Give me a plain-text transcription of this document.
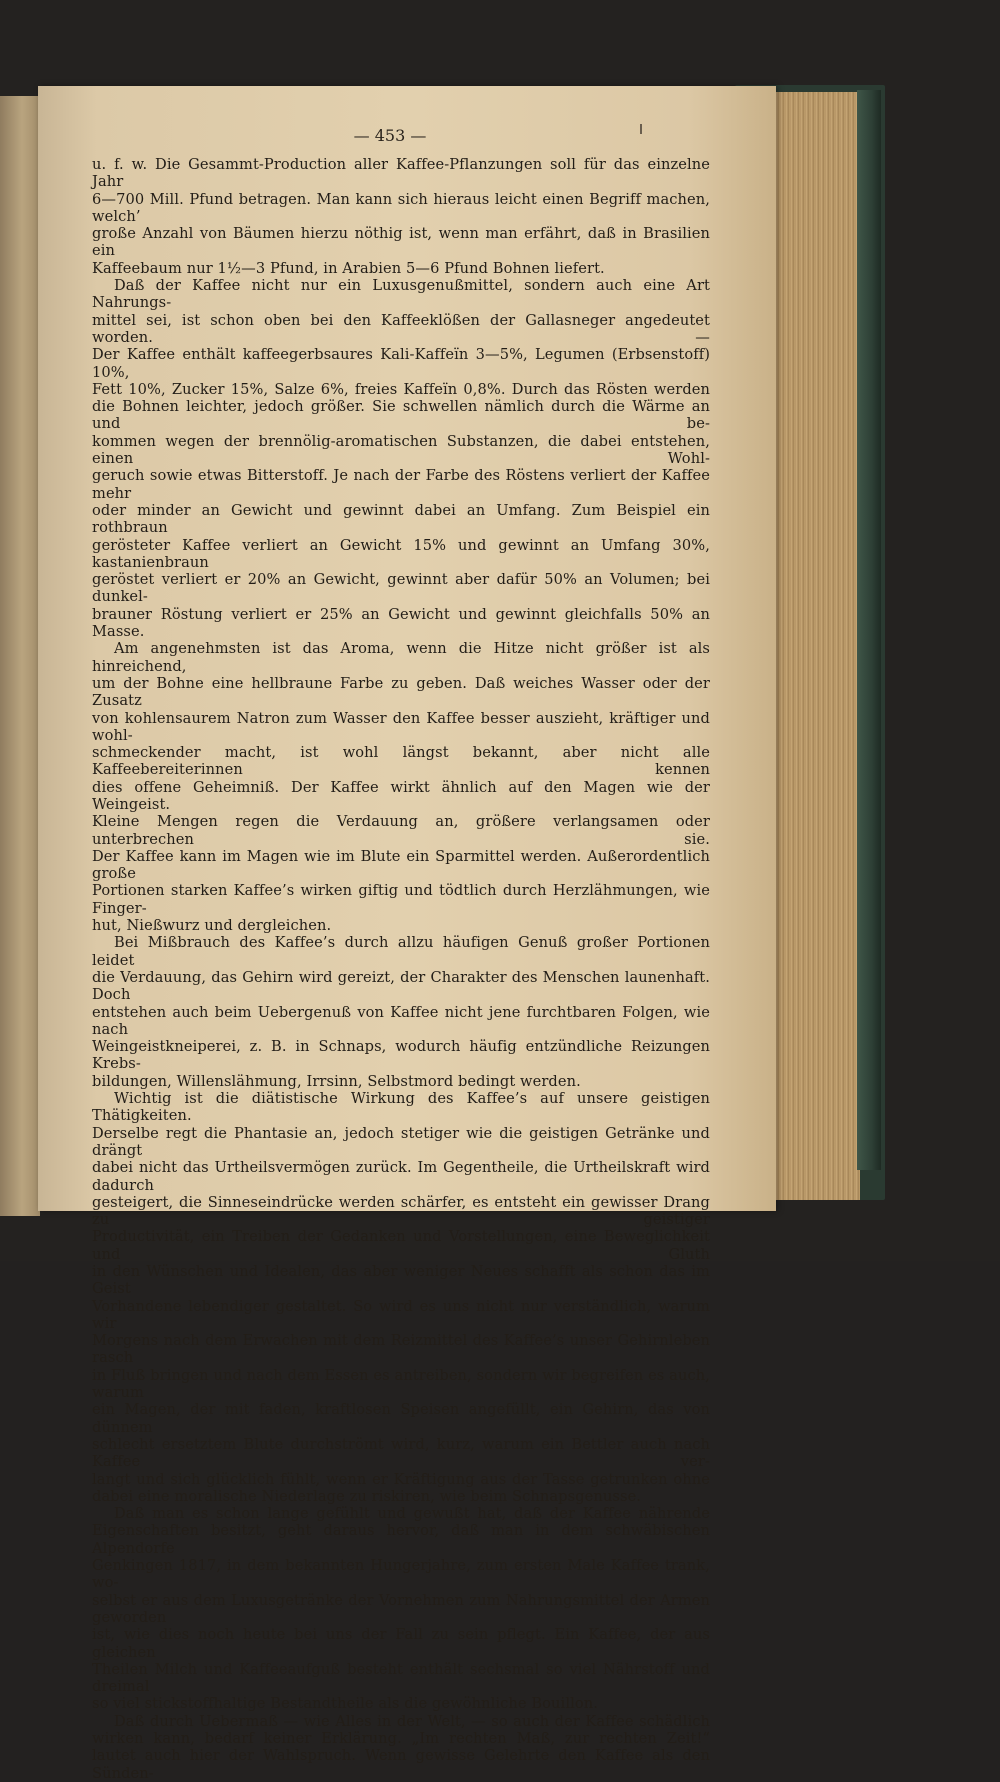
— 453 —
u. f. w. Die Gesammt-Production aller Kaffee-Pflanzungen soll für das einzelne Jahr
6—700 Mill. Pfund betragen. Man kann sich hieraus leicht einen Begriff machen, welch’
große Anzahl von Bäumen hierzu nöthig ist, wenn man erfährt, daß in Brasilien ein
Kaffeebaum nur 1½—3 Pfund, in Arabien 5—6 Pfund Bohnen liefert.
Daß der Kaffee nicht nur ein Luxusgenußmittel, sondern auch eine Art Nahrungs-
mittel sei, ist schon oben bei den Kaffeeklößen der Gallasneger angedeutet worden. —
Der Kaffee enthält kaffeegerbsaures Kali-Kaffeïn 3—5%, Legumen (Erbsenstoff) 10%,
Fett 10%, Zucker 15%, Salze 6%, freies Kaffeïn 0,8%. Durch das Rösten werden
die Bohnen leichter, jedoch größer. Sie schwellen nämlich durch die Wärme an und be-
kommen wegen der brennölig-aromatischen Substanzen, die dabei entstehen, einen Wohl-
geruch sowie etwas Bitterstoff. Je nach der Farbe des Röstens verliert der Kaffee mehr
oder minder an Gewicht und gewinnt dabei an Umfang. Zum Beispiel ein rothbraun
gerösteter Kaffee verliert an Gewicht 15% und gewinnt an Umfang 30%, kastanienbraun
geröstet verliert er 20% an Gewicht, gewinnt aber dafür 50% an Volumen; bei dunkel-
brauner Röstung verliert er 25% an Gewicht und gewinnt gleichfalls 50% an Masse.
Am angenehmsten ist das Aroma, wenn die Hitze nicht größer ist als hinreichend,
um der Bohne eine hellbraune Farbe zu geben. Daß weiches Wasser oder der Zusatz
von kohlensaurem Natron zum Wasser den Kaffee besser auszieht, kräftiger und wohl-
schmeckender macht, ist wohl längst bekannt, aber nicht alle Kaffeebereiterinnen kennen
dies offene Geheimniß. Der Kaffee wirkt ähnlich auf den Magen wie der Weingeist.
Kleine Mengen regen die Verdauung an, größere verlangsamen oder unterbrechen sie.
Der Kaffee kann im Magen wie im Blute ein Sparmittel werden. Außerordentlich große
Portionen starken Kaffee’s wirken giftig und tödtlich durch Herzlähmungen, wie Finger-
hut, Nießwurz und dergleichen.
Bei Mißbrauch des Kaffee’s durch allzu häufigen Genuß großer Portionen leidet
die Verdauung, das Gehirn wird gereizt, der Charakter des Menschen launenhaft. Doch
entstehen auch beim Uebergenuß von Kaffee nicht jene furchtbaren Folgen, wie nach
Weingeistkneiperei, z. B. in Schnaps, wodurch häufig entzündliche Reizungen Krebs-
bildungen, Willenslähmung, Irrsinn, Selbstmord bedingt werden.
Wichtig ist die diätistische Wirkung des Kaffee’s auf unsere geistigen Thätigkeiten.
Derselbe regt die Phantasie an, jedoch stetiger wie die geistigen Getränke und drängt
dabei nicht das Urtheilsvermögen zurück. Im Gegentheile, die Urtheilskraft wird dadurch
gesteigert, die Sinneseindrücke werden schärfer, es entsteht ein gewisser Drang zu geistiger
Productivität, ein Treiben der Gedanken und Vorstellungen, eine Beweglichkeit und Gluth
in den Wünschen und Idealen, das aber weniger Neues schafft als schon das im Geist
Vorhandene lebendiger gestaltet. So wird es uns nicht nur verständlich, warum wir
Morgens nach dem Erwachen mit dem Reizmittel des Kaffee’s unser Gehirnleben rasch
in Fluß bringen und nach dem Essen es antreiben, sondern wir begreifen es auch, warum
ein Magen, der mit faden, kraftlosen Speisen angefüllt, ein Gehirn, das von dünnem
schlecht ersetztem Blute durchströmt wird, kurz, warum ein Bettler auch nach Kaffee ver-
langt und sich glücklich fühlt, wenn er Kräftigung aus der Tasse getrunken ohne
dabei eine moralische Niederlage zu riskiren, wie beim Schnapsgenusse.
Daß man es schon lange gefühlt und gewußt hat, daß der Kaffee nährende
Eigenschaften besitzt, geht daraus hervor, daß man in dem schwäbischen Alpendorfe
Genkingen 1817, in dem bekannten Hungerjahre, zum ersten Male Kaffee trank, wo-
selbst er aus dem Luxusgetränke der Vornehmen zum Nahrungsmittel der Armen geworden
ist, wie dies noch heute bei uns der Fall zu sein pflegt. Ein Kaffee, der aus gleichen
Theilen Milch und Kaffeeaufguß besteht enthält sechsmal so viel Nährstoff und dreimal
so viel stickstoffhaltige Bestandtheile als die gewöhnliche Bouillon.
Daß durch Uebermaß — wie Alles in der Welt, — so auch der Kaffee schädlich
wirken kann, bedarf keiner Erklärung. „Im rechten Maß, zur rechten Zeit!“
lautet auch hier der Wahlspruch. Wenn gewisse Gelehrte den Kaffee als den Sünden-
